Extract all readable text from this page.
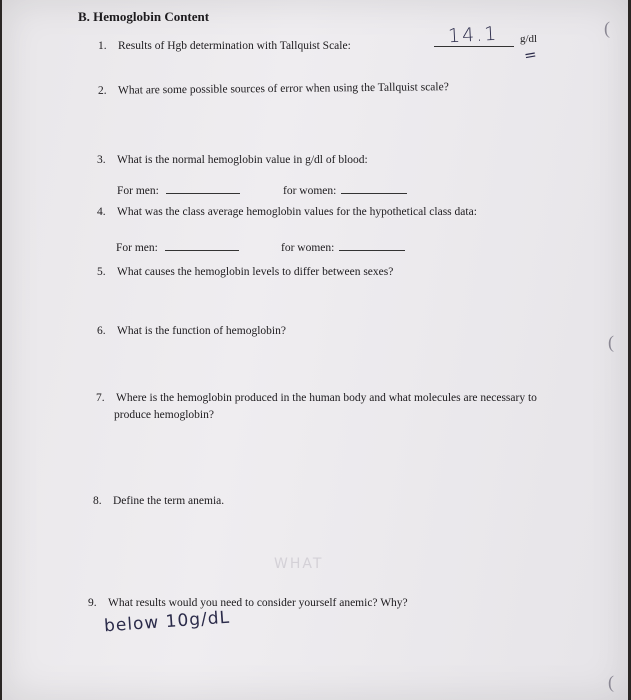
B. Hemoglobin Content
1. Results of Hgb determination with Tallquist Scale:	14.1 g/dl
=
2. What are some possible sources of error when using the Tallquist scale?
3. What is the normal hemoglobin value in g/dl of blood:
For men:	for women:
4. What was the class average hemoglobin values for the hypothetical class data:
For men:	for women:
5. What causes the hemoglobin levels to differ between sexes?
6. What is the function of hemoglobin?
7. Where is the hemoglobin produced in the human body and what molecules are necessary to
produce hemoglobin?
8. Define the term anemia.
WHAT
9. What results would you need to consider yourself anemic? Why?
below 10g/dL
(
(
(
